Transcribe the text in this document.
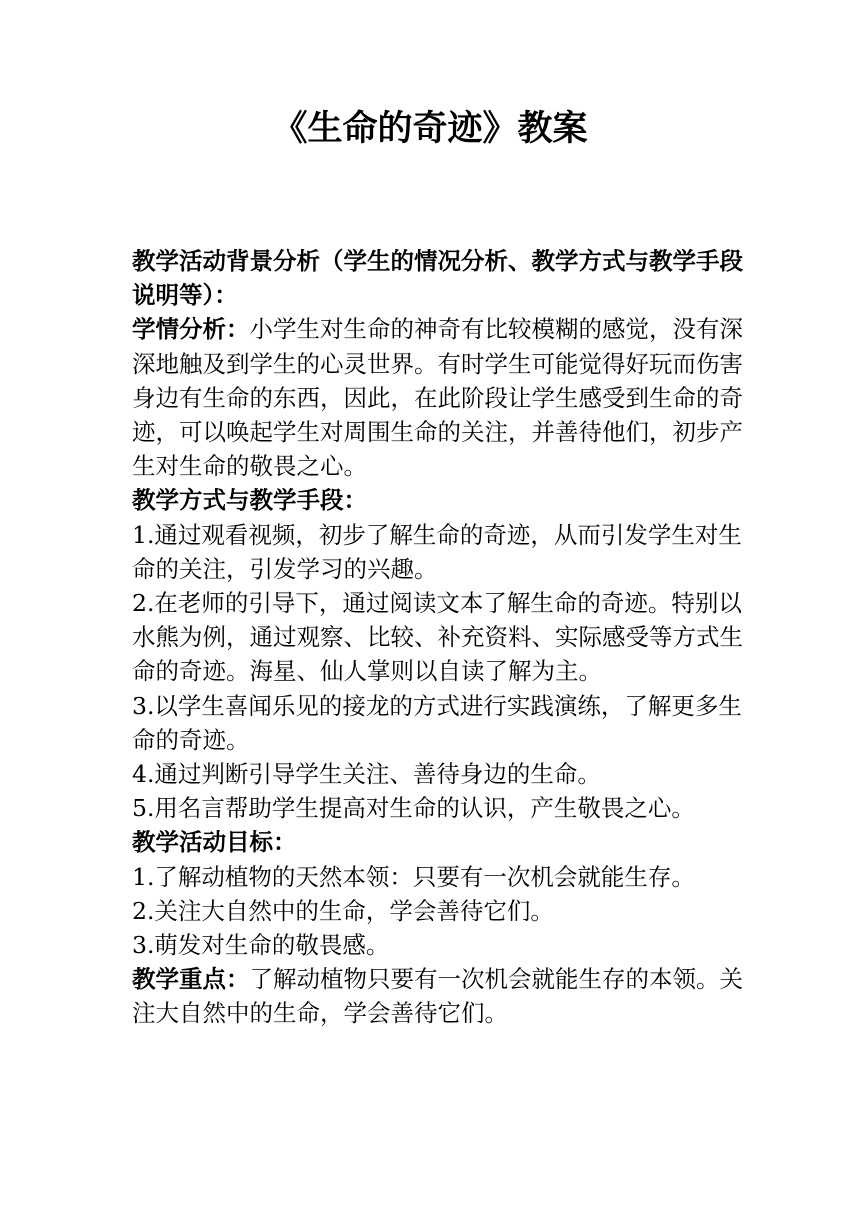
《生命的奇迹》教案

教学活动背景分析（学生的情况分析、教学方式与教学手段说明等）：

学情分析：小学生对生命的神奇有比较模糊的感觉，没有深深地触及到学生的心灵世界。有时学生可能觉得好玩而伤害身边有生命的东西，因此，在此阶段让学生感受到生命的奇迹，可以唤起学生对周围生命的关注，并善待他们，初步产生对生命的敬畏之心。

教学方式与教学手段：

1.通过观看视频，初步了解生命的奇迹，从而引发学生对生命的关注，引发学习的兴趣。

2.在老师的引导下，通过阅读文本了解生命的奇迹。特别以水熊为例，通过观察、比较、补充资料、实际感受等方式生命的奇迹。海星、仙人掌则以自读了解为主。

3.以学生喜闻乐见的接龙的方式进行实践演练，了解更多生命的奇迹。

4.通过判断引导学生关注、善待身边的生命。

5.用名言帮助学生提高对生命的认识，产生敬畏之心。

教学活动目标：

1.了解动植物的天然本领：只要有一次机会就能生存。

2.关注大自然中的生命，学会善待它们。

3.萌发对生命的敬畏感。

教学重点：了解动植物只要有一次机会就能生存的本领。关注大自然中的生命，学会善待它们。
